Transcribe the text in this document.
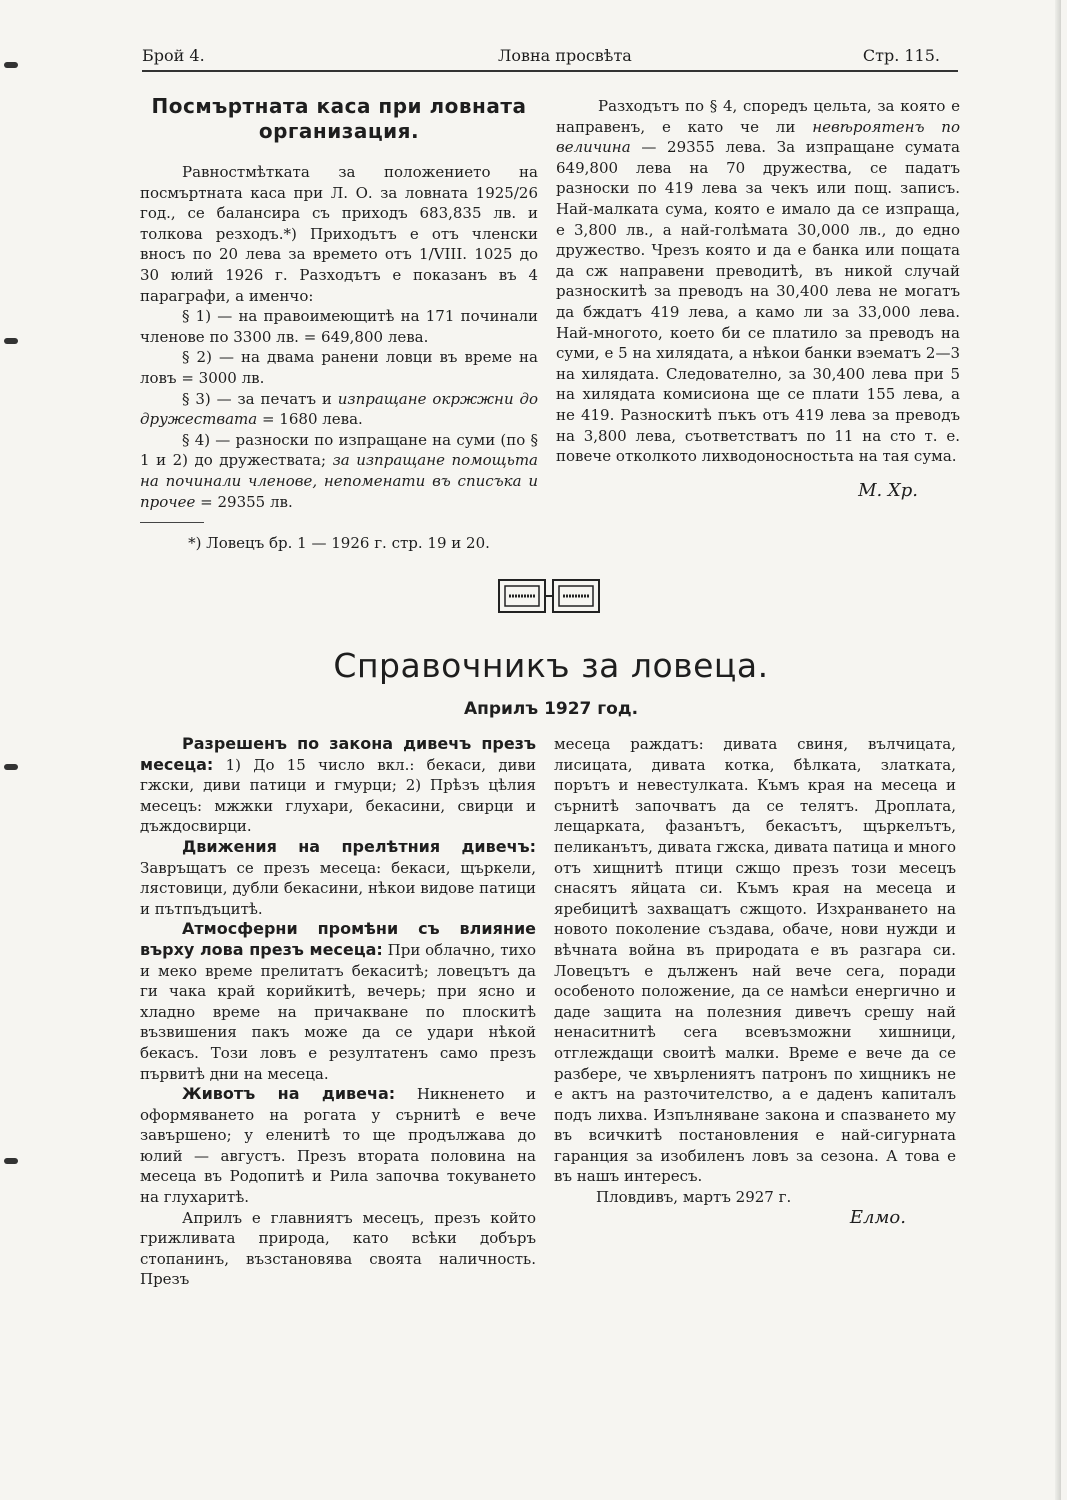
Брой 4.	Ловна просвѣта	Стр. 115.
Посмъртната каса при ловната организация.

Равностмѣтката за положението на посмъртната каса при Л. О. за ловната 1925/26 год., се балансира съ приходъ 683,835 лв. и толкова резходъ.*) Приходътъ е отъ членски вносъ по 20 лева за времето отъ 1/VIII. 1025 до 30 юлий 1926 г. Разходътъ е показанъ въ 4 параграфи, а именчо:

§ 1) — на правоимеющитѣ на 171 починали членове по 3300 лв. = 649,800 лева.

§ 2) — на двама ранени ловци въ време на ловъ = 3000 лв.

§ 3) — за печатъ и изпращане окржжни до дружествата = 1680 лева.

§ 4) — разноски по изпращане на суми (по § 1 и 2) до дружествата; за изпращане помощьта на починали членове, непоменати въ списъка и прочее = 29355 лв.

*) Ловецъ бр. 1 — 1926 г. стр. 19 и 20.

Разходътъ по § 4, споредъ цельта, за която е направенъ, е като че ли невѣроятенъ по величина — 29355 лева. За изпращане сумата 649,800 лева на 70 дружества, се падатъ разноски по 419 лева за чекъ или пощ. записъ. Най-малката сума, която е имало да се изпраща, е 3,800 лв., а най-голѣмата 30,000 лв., до едно дружество. Чрезъ която и да е банка или пощата да сж направени преводитѣ, въ никой случай разноскитѣ за преводъ на 30,400 лева не могатъ да бждатъ 419 лева, а камо ли за 33,000 лева. Най-многото, което би се платило за преводъ на суми, е 5 на хилядата, а нѣкои банки вэематъ 2—3 на хилядата. Следователно, за 30,400 лева при 5 на хилядата комисиона ще се плати 155 лева, а не 419. Разноскитѣ пъкъ отъ 419 лева за преводъ на 3,800 лева, съответстватъ по 11 на сто т. е. повече отколкото лихводоносностьта на тая сума.

М. Хр.

Справочникъ за ловеца.
Априлъ 1927 год.

Разрешенъ по закона дивечъ презъ месеца: 1) До 15 число вкл.: бекаси, диви гжски, диви патици и гмурци; 2) Прѣзъ цѣлия месецъ: мжжки глухари, бекасини, свирци и дъждосвирци.

Движения на прелѣтния дивечъ: Завръщатъ се презъ месеца: бекаси, щъркели, лястовици, дубли бекасини, нѣкои видове патици и пътпъдъцитѣ.

Атмосферни промѣни съ влияние върху лова презъ месеца: При облачно, тихо и меко време прелитатъ бекаситѣ; ловецътъ да ги чака край корийкитѣ, вечерь; при ясно и хладно време на причакване по плоскитѣ възвишения пакъ може да се удари нѣкой бекасъ. Този ловъ е резултатенъ само презъ първитѣ дни на месеца.

Животъ на дивеча: Никненето и оформяването на рогата у сърнитѣ е вече завършено; у еленитѣ то ще продължава до юлий — августъ. Презъ втората половина на месеца въ Родопитѣ и Рила започва токуването на глухаритѣ.

Априлъ е главниятъ месецъ, презъ който грижливата природа, като всѣки добъръ стопанинъ, възстановява своята наличность. Презъ

месеца раждатъ: дивата свиня, вълчицата, лисицата, дивата котка, бѣлката, златката, порътъ и невестулката. Къмъ края на месеца и сърнитѣ започватъ да се телятъ. Дроплата, лещарката, фазанътъ, бекасътъ, щъркелътъ, пеликанътъ, дивата гжска, дивата патица и много отъ хищнитѣ птици сжщо презъ този месецъ снасятъ яйцата си. Къмъ края на месеца и яребицитѣ захващатъ сжщото. Изхранването на новото поколение създава, обаче, нови нужди и вѣчната война въ природата е въ разгара си. Ловецътъ е дълженъ най вече сега, поради особеното положение, да се намѣси енергично и даде защита на полезния дивечъ срешу най ненаситнитѣ сега всевъзможни хишници, отглеждащи своитѣ малки. Време е вече да се разбере, че хвърлениятъ патронъ по хищникъ не е актъ на разточителство, а е даденъ капиталъ подъ лихва. Изпълняване закона и спазването му въ всичкитѣ постановления е най-сигурната гаранция за изобиленъ ловъ за сезона. А това е въ нашъ интересъ.

Пловдивъ, мартъ 2927 г.

Елмо.
